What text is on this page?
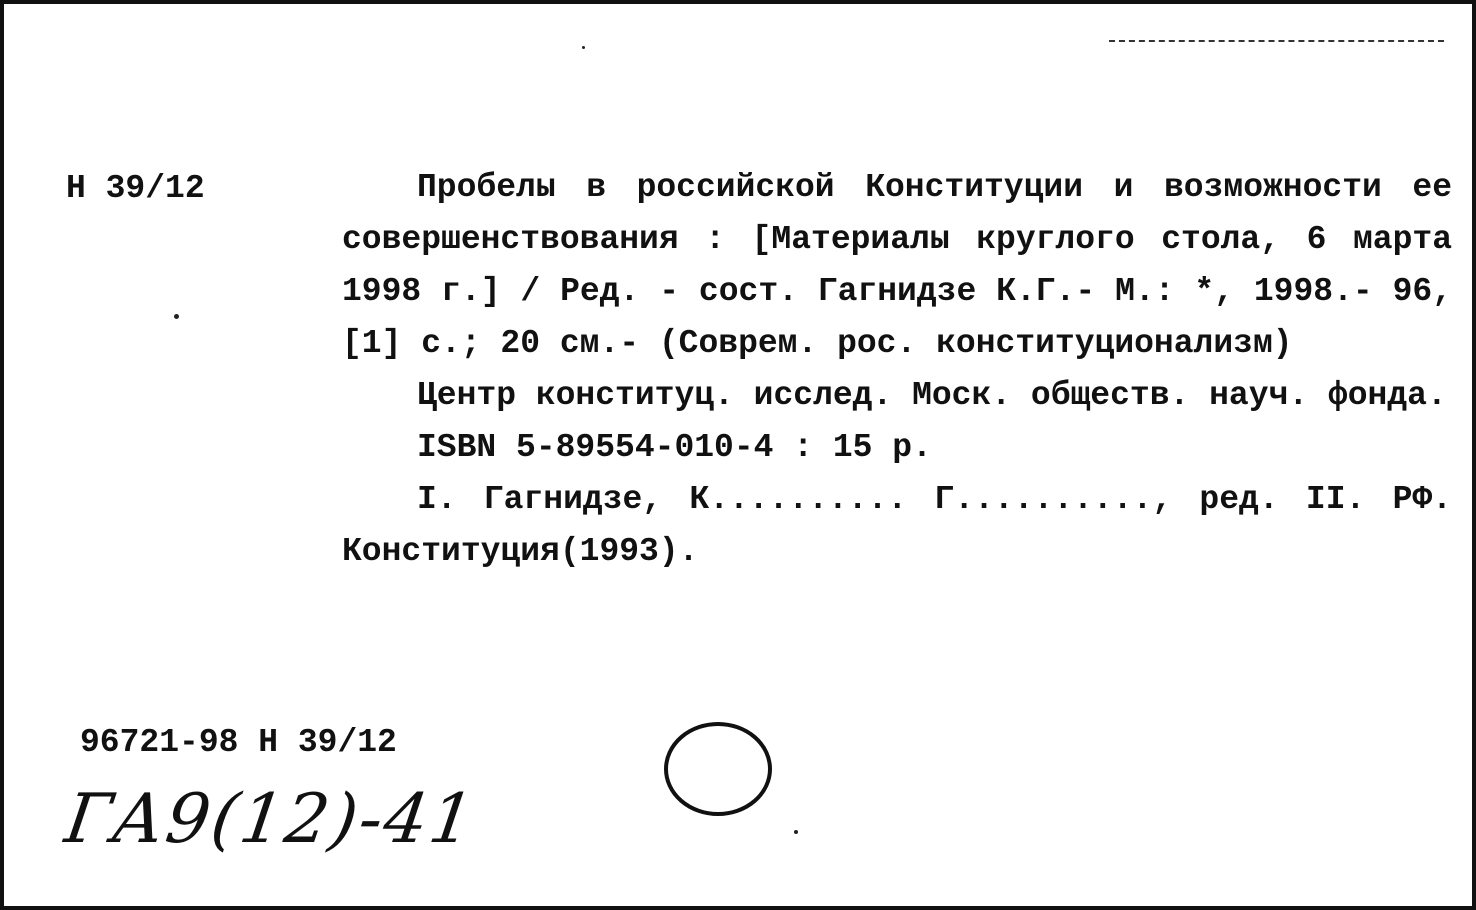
Н 39/12	Пробелы в российской Конституции и возможности ее совершенствования : [Материалы круглого стола, 6 марта 1998 г.] / Ред. - сост. Гагнидзе К.Г.- М.: *, 1998.- 96, [1] с.; 20 см.- (Соврем. рос. конституционализм)

Центр конституц. исслед. Моск. обществ. науч. фонда.

ISBN 5-89554-010-4 : 15 р.

I. Гагнидзе, К.......... Г.........., ред. II. РФ. Конституция(1993).

96721-98 Н 39/12
ГА9(12)-41
